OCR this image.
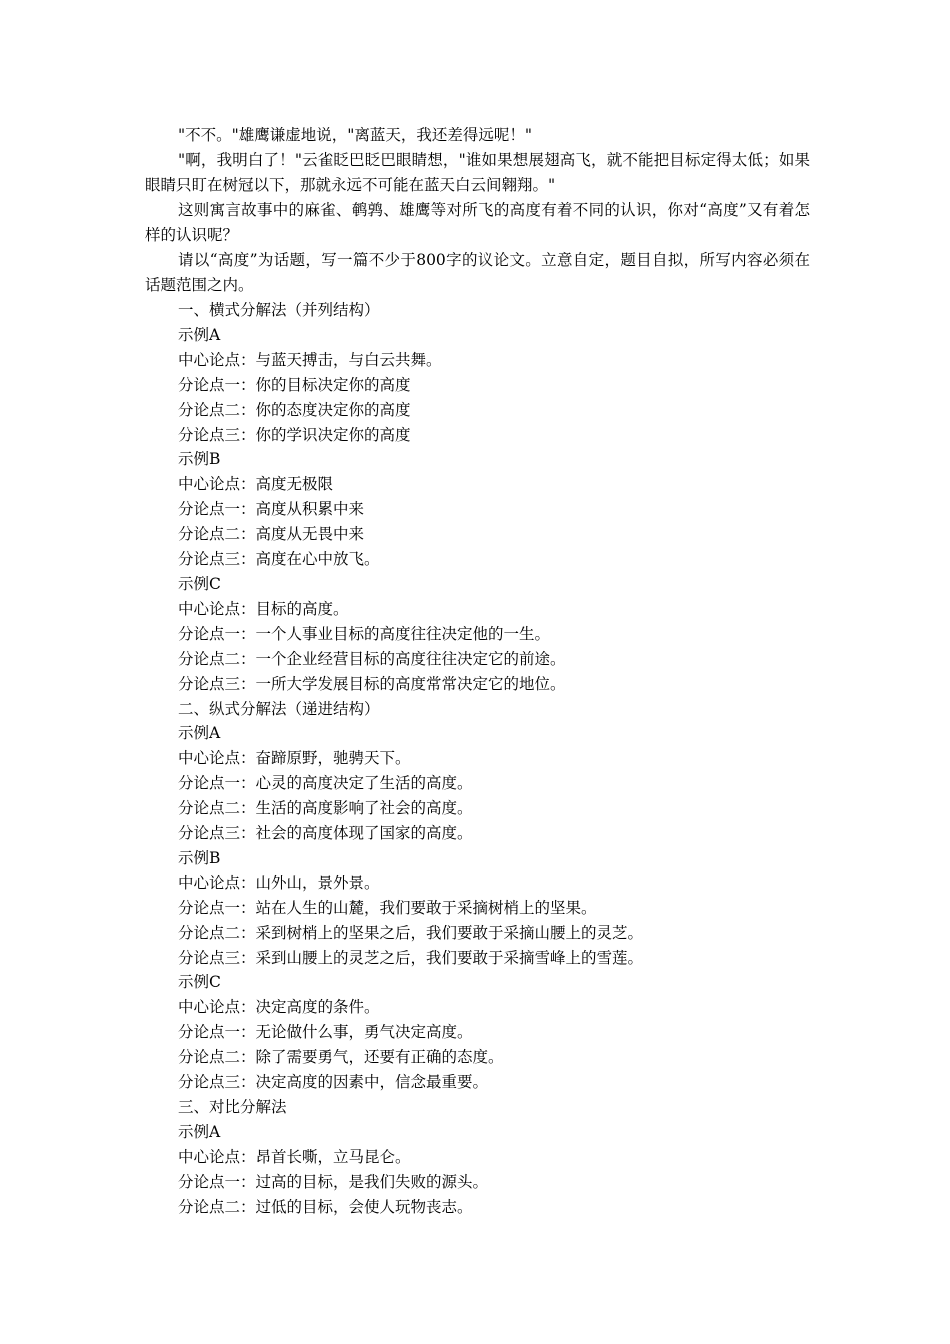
"不不。"雄鹰谦虚地说，"离蓝天，我还差得远呢！"

"啊，我明白了！"云雀眨巴眨巴眼睛想，"谁如果想展翅高飞，就不能把目标定得太低；如果眼睛只盯在树冠以下，那就永远不可能在蓝天白云间翱翔。"

这则寓言故事中的麻雀、鹌鹑、雄鹰等对所飞的高度有着不同的认识，你对“高度”又有着怎样的认识呢？

请以“高度”为话题，写一篇不少于800字的议论文。立意自定，题目自拟，所写内容必须在话题范围之内。

一、横式分解法（并列结构）

示例A

中心论点：与蓝天搏击，与白云共舞。

分论点一：你的目标决定你的高度

分论点二：你的态度决定你的高度

分论点三：你的学识决定你的高度

示例B

中心论点：高度无极限

分论点一：高度从积累中来

分论点二：高度从无畏中来

分论点三：高度在心中放飞。

示例C

中心论点：目标的高度。

分论点一：一个人事业目标的高度往往决定他的一生。

分论点二：一个企业经营目标的高度往往决定它的前途。

分论点三：一所大学发展目标的高度常常决定它的地位。

二、纵式分解法（递进结构）

示例A

中心论点：奋蹄原野，驰骋天下。

分论点一：心灵的高度决定了生活的高度。

分论点二：生活的高度影响了社会的高度。

分论点三：社会的高度体现了国家的高度。

示例B

中心论点：山外山，景外景。

分论点一：站在人生的山麓，我们要敢于采摘树梢上的坚果。

分论点二：采到树梢上的坚果之后，我们要敢于采摘山腰上的灵芝。

分论点三：采到山腰上的灵芝之后，我们要敢于采摘雪峰上的雪莲。

示例C

中心论点：决定高度的条件。

分论点一：无论做什么事，勇气决定高度。

分论点二：除了需要勇气，还要有正确的态度。

分论点三：决定高度的因素中，信念最重要。

三、对比分解法

示例A

中心论点：昂首长嘶，立马昆仑。

分论点一：过高的目标，是我们失败的源头。

分论点二：过低的目标，会使人玩物丧志。
